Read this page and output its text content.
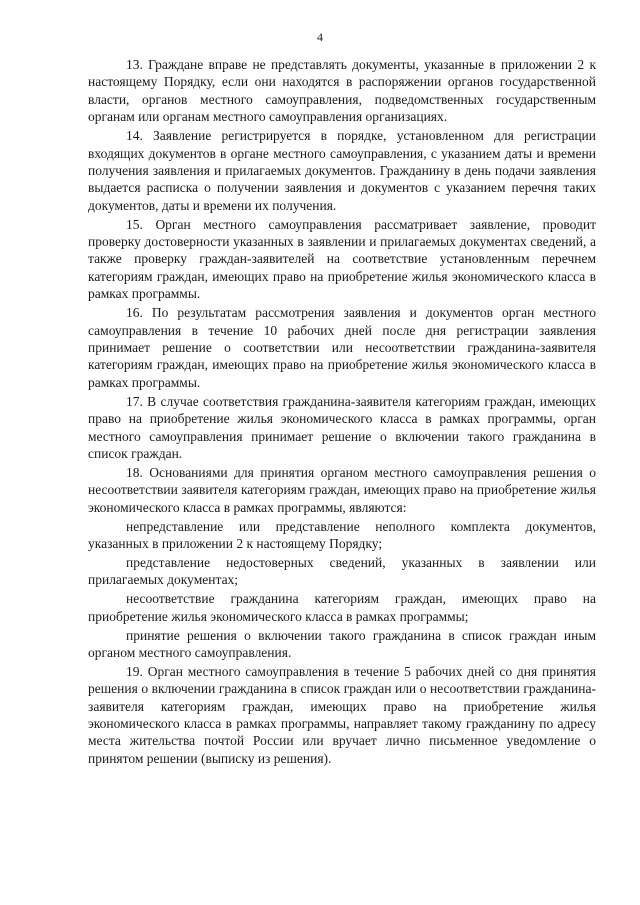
4

13. Граждане вправе не представлять документы, указанные в приложении 2 к настоящему Порядку, если они находятся в распоряжении органов государственной власти, органов местного самоуправления, подведомственных государственным органам или органам местного самоуправления организациях.

14. Заявление регистрируется в порядке, установленном для регистрации входящих документов в органе местного самоуправления, с указанием даты и времени получения заявления и прилагаемых документов. Гражданину в день подачи заявления выдается расписка о получении заявления и документов с указанием перечня таких документов, даты и времени их получения.

15. Орган местного самоуправления рассматривает заявление, проводит проверку достоверности указанных в заявлении и прилагаемых документах сведений, а также проверку граждан-заявителей на соответствие установленным перечнем категориям граждан, имеющих право на приобретение жилья экономического класса в рамках программы.

16. По результатам рассмотрения заявления и документов орган местного самоуправления в течение 10 рабочих дней после дня регистрации заявления принимает решение о соответствии или несоответствии гражданина-заявителя категориям граждан, имеющих право на приобретение жилья экономического класса в рамках программы.

17. В случае соответствия гражданина-заявителя категориям граждан, имеющих право на приобретение жилья экономического класса в рамках программы, орган местного самоуправления принимает решение о включении такого гражданина в список граждан.

18. Основаниями для принятия органом местного самоуправления решения о несоответствии заявителя категориям граждан, имеющих право на приобретение жилья экономического класса в рамках программы, являются:

непредставление или представление неполного комплекта документов, указанных в приложении 2 к настоящему Порядку;

представление недостоверных сведений, указанных в заявлении или прилагаемых документах;

несоответствие гражданина категориям граждан, имеющих право на приобретение жилья экономического класса в рамках программы;

принятие решения о включении такого гражданина в список граждан иным органом местного самоуправления.

19. Орган местного самоуправления в течение 5 рабочих дней со дня принятия решения о включении гражданина в список граждан или о несоответствии гражданина-заявителя категориям граждан, имеющих право на приобретение жилья экономического класса в рамках программы, направляет такому гражданину по адресу места жительства почтой России или вручает лично письменное уведомление о принятом решении (выписку из решения).
